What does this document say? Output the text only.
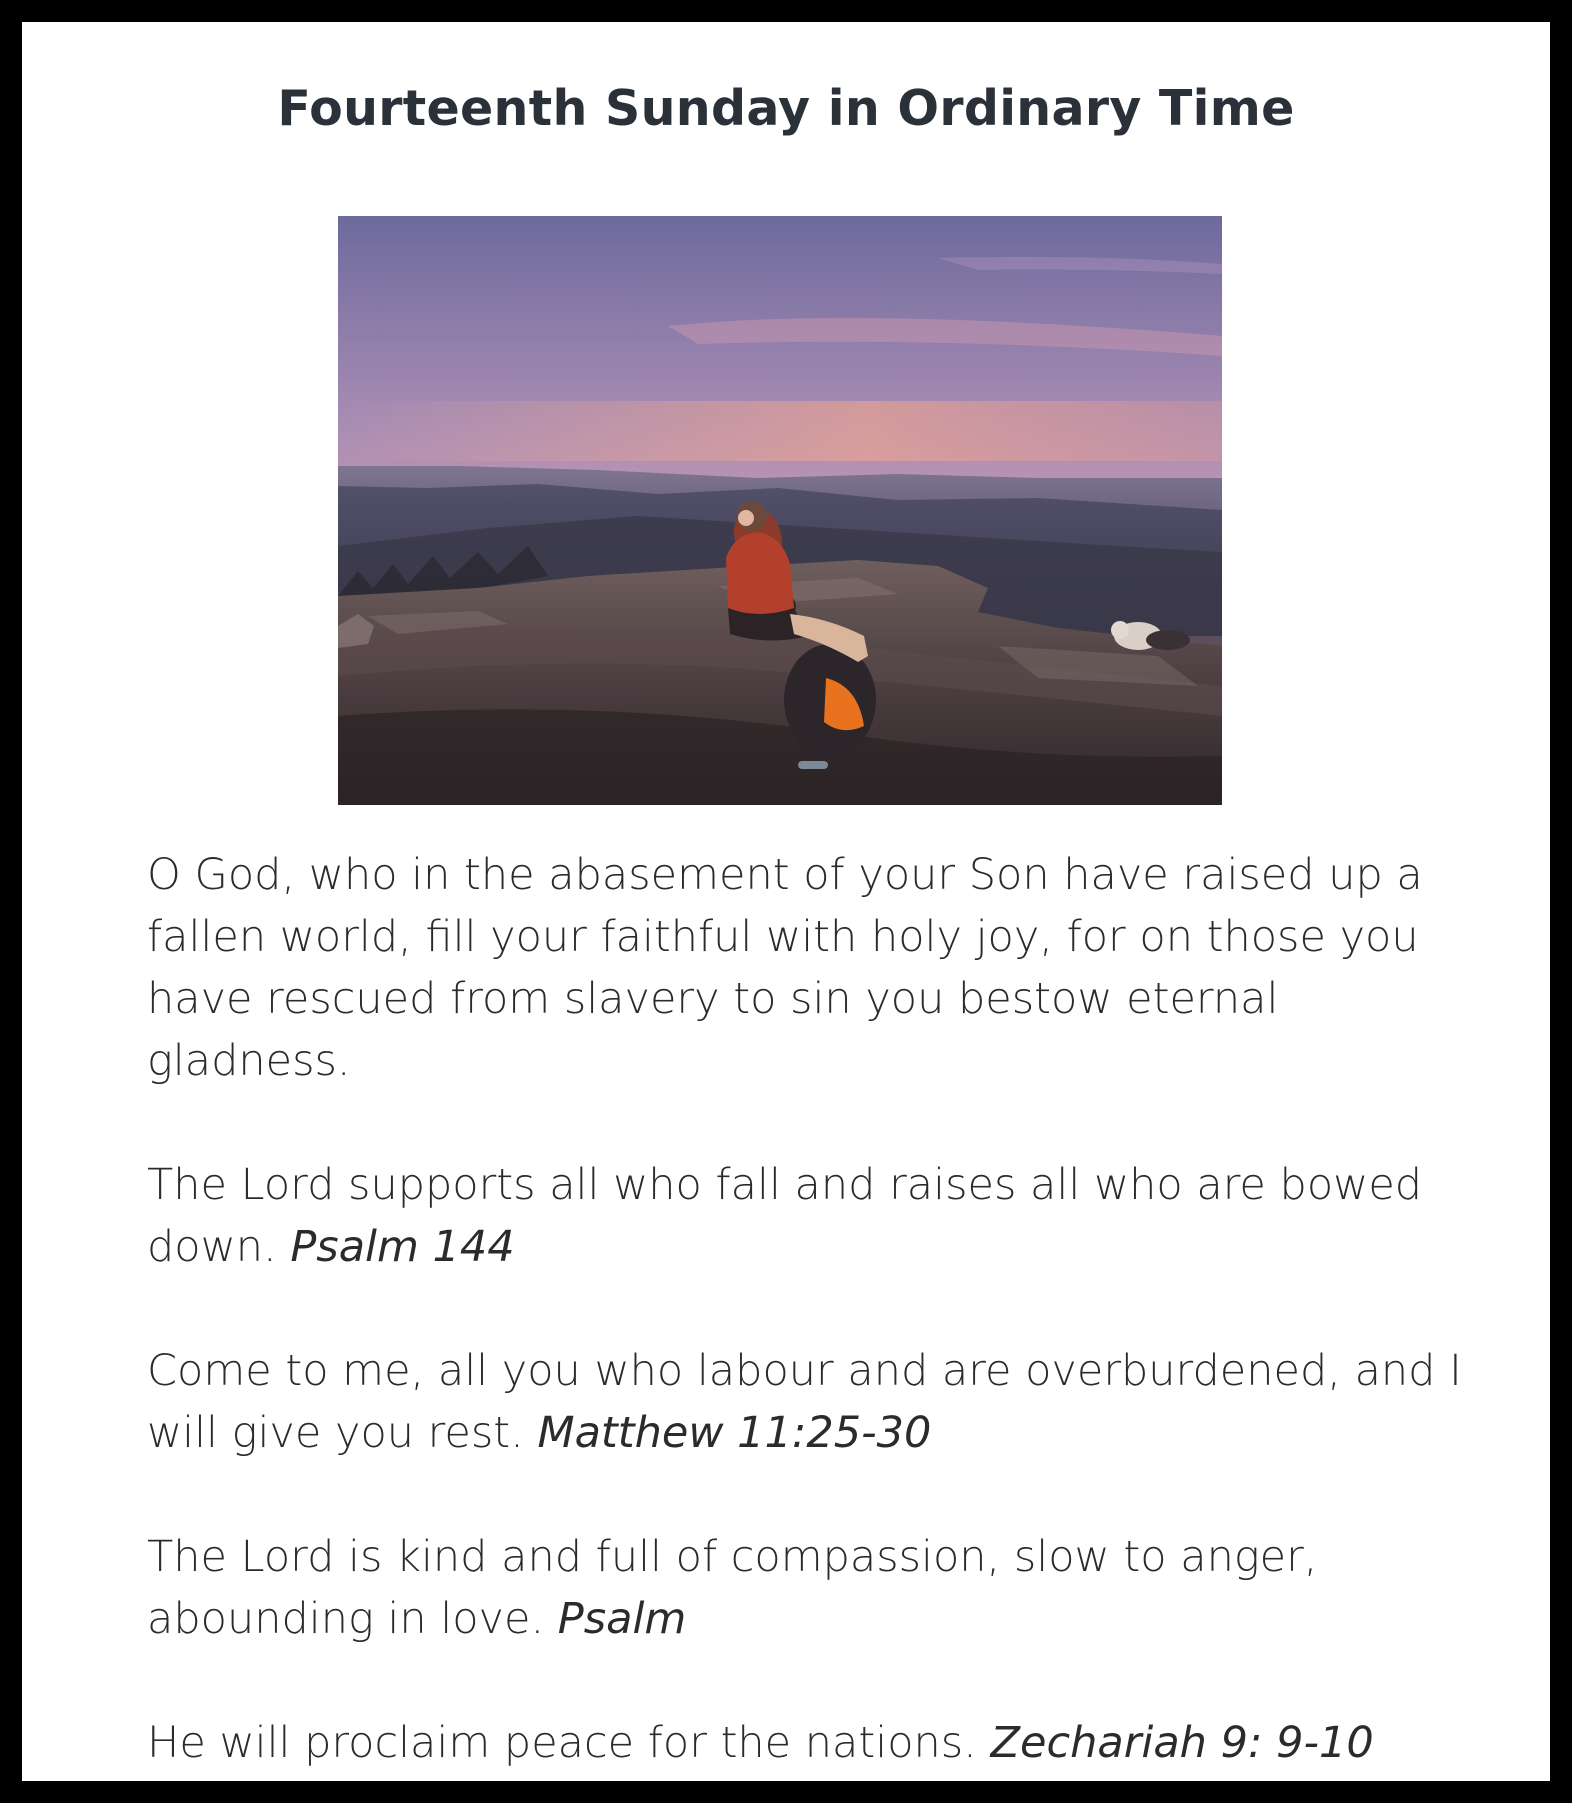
Fourteenth Sunday in Ordinary Time

O God, who in the abasement of your Son have raised up a fallen world, fill your faithful with holy joy, for on those you have rescued from slavery to sin you bestow eternal gladness.

The Lord supports all who fall and raises all who are bowed down. Psalm 144

Come to me, all you who labour and are overburdened, and I will give you rest. Matthew 11:25-30

The Lord is kind and full of compassion, slow to anger, abounding in love. Psalm

He will proclaim peace for the nations. Zechariah 9: 9-10
